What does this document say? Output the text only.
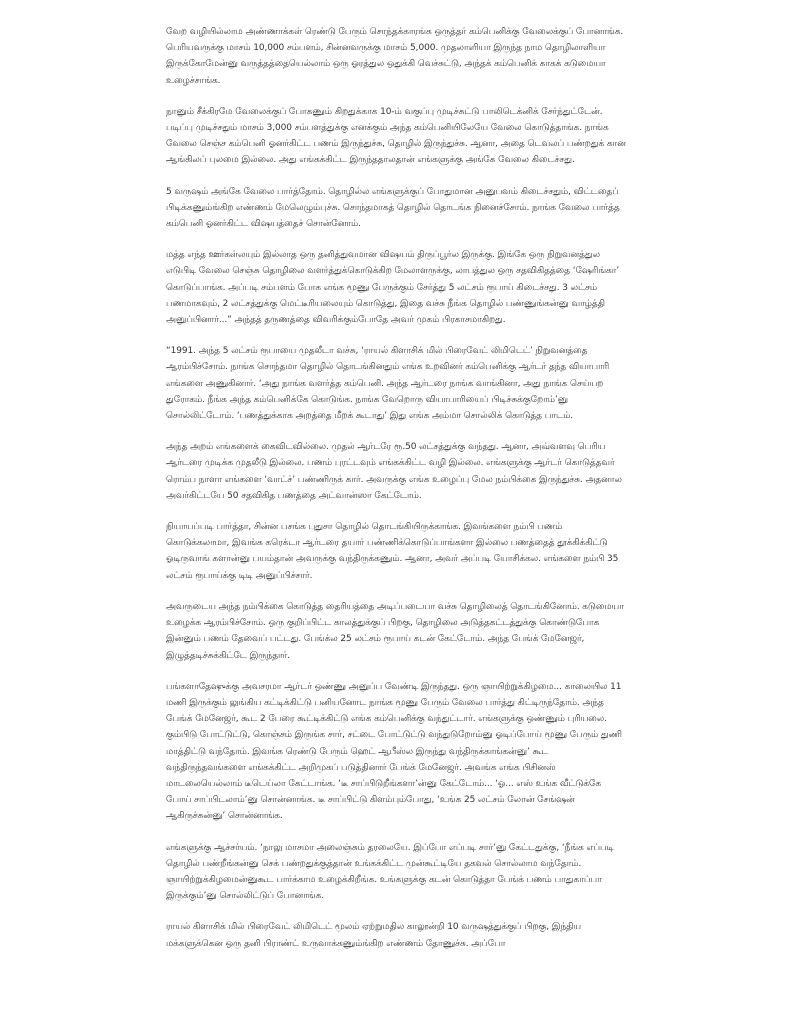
வேற வழியில்லாம அண்ணாக்கள் ரெண்டு பேரும் சொந்தக்காரங்க ஒருத்தர் கம்பெனிக்கு வேலைக்குப் போனாங்க. பெரியவருக்கு மாசம் 10,000 சம்பளம், சின்னவருக்கு மாசம் 5,000. முதலாளியா இருந்த நாம தொழிலாளியா இருக்கோமேன்னு வருத்தத்தையெல்லாம் ஒரு ஓரத்துல ஒதுக்கி வெச்சுட்டு, அந்தக் கம்பெனிக் காகக் கடுமையா உழைச்சாங்க.

நானும் சீக்கிரமே வேலைக்குப் போகணும் கிறதுக்காக 10-ம் வகுப்பு முடிச்சுட்டு பாலிடெக்னிக் சேர்ந்துட்டேன். படிப்பு முடிச்சதும் மாசம் 3,000 சம்பளத்துக்கு எனக்கும் அந்த கம்பெனியிலேயே வேலை கொடுத்தாங்க. நாங்க வேலை செஞ்ச கம்பெனி ஓனர்கிட்ட பணம் இருந்துச்சு, தொழில் இருந்துச்சு. ஆனா, அதை டெவலப் பண்றதுக் கான ஆங்கிலப் புலமை இல்லை. அது எங்கக்கிட்ட இருந்ததாலதான் எங்களுக்கு அங்கே வேலை கிடைச்சது.

5 வருஷம் அங்கே வேலை பார்த்தோம். தொழில்ல எங்களுக்குப் போதுமான அனுபவம் கிடைச்சதும், விட்டதைப் பிடிக்கணும்ங்கிற எண்ணம் மேலெழும்புச்சு. சொந்தமாகத் தொழில் தொடங்க நினைச்சோம். நாங்க வேலை பார்த்த கம்பெனி ஓனர்கிட்ட விஷயத்தைச் சொன்னோம்.

மத்த எந்த ஊர்கள்லயும் இல்லாத ஒரு தனித்துவமான விஷயம் திருப்பூர்ல இருக்கு. இங்கே ஒரு நிறுவனத்துல எடுபிடி வேலை செஞ்சு தொழிலை வளர்த்துக்கொடுக்கிற மேலாளருக்கு, லாபத்துல ஒரு சதவிகிதத்தை ‘ஷேரிங்கா’ கொடுப்பாங்க. அப்படி சம்பளம் போக எங்க மூணு பேருக்கும் சேர்த்து 5 லட்சம் ரூபாய் கிடைச்சது. 3 லட்சம் பணமாகவும், 2 லட்சத்துக்கு மெட்டீரியலையும் கொடுத்து, இதை வச்சு நீங்க தொழில் பண்ணுங்கன்னு வாழ்த்தி அனுப்பினார்...” அந்தத் தருணத்தை விவரிக்கும்போதே அவர் முகம் பிரகாசமாகிறது.

“1991. அந்த 5 லட்சம் ரூபாயை முதலீடா வச்சு, ‘ராயல் கிளாசிக் மில் பிரைவேட் லிமிடெட்’ நிறுவனத்தை ஆரம்பிச்சோம். நாங்க சொந்தமா தொழில் தொடங்கினதும் எங்க உறவினர் கம்பெனிக்கு ஆர்டர் தந்த வியாபாரி எங்களை அணுகினார். ‘அது நாங்க வளர்த்த கம்பெனி. அந்த ஆர்டரை நாங்க வாங்கினா, அது நாங்க செய்யற துரோகம். நீங்க அந்த கம்பெனிக்கே கொடுங்க. நாங்க வேறொரு வியாபாரியைப் பிடிச்சுக்குறோம்’னு சொல்லிட்டோம். ‘பணத்துக்காக அறத்தை மீறக் கூடாது’ இது எங்க அம்மா சொல்லிக் கொடுத்த பாடம்.

அந்த அறம் எங்களைக் கைவிடவில்லை. முதல் ஆர்டரே ரூ.50 லட்சத்துக்கு வந்தது. ஆனா, அவ்வளவு பெரிய ஆர்டரை முடிக்க முதலீடு இல்லை. பணம் புரட்டவும் எங்கக்கிட்ட வழி இல்லை. எங்களுக்கு ஆர்டர் கொடுத்தவர் ரொம்ப நாளா எங்களை ‘வாட்ச்’ பண்ணிருக் கார். அவருக்கு எங்க உழைப்பு மேல நம்பிக்கை இருந்துச்சு. அதனால அவர்கிட்டயே 50 சதவிகித பணத்தை அட்வான்ஸா கேட்டோம்.

நியாயப்படி பார்த்தா, சின்ன பசங்க புதுசா தொழில் தொடங்கியிருக்காங்க. இவங்களை நம்பி பணம் கொடுக்கலாமா, இவங்க கரெக்டா ஆர்டரை தயார் பண்ணிக்கொடுப்பாங்களா இல்லை பணத்தைத் தூக்கிக்கிட்டு ஓடிருவாங் களான்னு பயம்தான் அவருக்கு வந்திருக்கணும். ஆனா, அவர் அப்படி யோசிக்கல. எங்களை நம்பி 35 லட்சம் ரூபாய்க்கு டிடி அனுப்பிச்சார்.

அவருடைய அந்த நம்பிக்கை கொடுத்த தைரியத்தை அடிப்படையா வச்சு தொழிலைத் தொடங்கினோம். கடுமையா உழைக்க ஆரம்பிச்சோம். ஒரு குறிப்பிட்ட காலத்துக்குப் பிறகு, தொழிலை அடுத்தகட்டத்துக்கு கொண்டுபோக இன்னும் பணம் தேவைப் பட்டது. பேங்க்ல 25 லட்சம் ரூபாய் கடன் கேட்டோம். அந்த பேங்க் மேனேஜர், இழுத்தடிச்சுக்கிட்டே இருந்தார்.

பங்களாதேஷுக்கு அவசரமா ஆர்டர் ஒண்ணு அனுப்ப வேண்டி இருந்தது. ஒரு ஞாயிற்றுக்கிழமை... காலையில 11 மணி இருக்கும் லுங்கிய கட்டிக்கிட்டு பனியனோட நாங்க மூணு பேரும் வேலை பார்த்து கிட்டிருந்தோம். அந்த பேங்க் மேனேஜர், கூட 2 பேரை கூட்டிக்கிட்டு எங்க கம்பெனிக்கு வந்துட்டார். எங்களுக்கு ஒண்ணும் புரியலை. கும்பிடு போட்டுட்டு, கொஞ்சம் இருங்க சார், சட்டை போட்டுட்டு வந்துடுறோம்னு ஓடிப்போய் மூணு பேரும் துணி மாத்திட்டு வந்தோம். இவங்க ரெண்டு பேரும் ஹெட் ஆபீஸ்ல இருந்து வந்திருக்காங்கன்னு’ கூட வந்திருந்தவங்களை எங்கக்கிட்ட அறிமுகப் படுத்தினார் பேங்க் மேனேஜர். அவங்க எங்க பிசினஸ் மாடலையெல்லாம் டீடெய்லா கேட்டாங்க. ‘டீ சாப்பிடுறீங்களா’ன்னு கேட்டோம்... ‘ஓ... எஸ் உங்க வீட்டுக்கே போய் சாப்பிடலாம்’னு சொன்னாங்க. டீ சாப்பிட்டு கிளம்பும்போது, ‘உங்க 25 லட்சம் லோன் சேங்ஷன் ஆகிருச்சுன்னு’ சொன்னாங்க.

எங்களுக்கு ஆச்சர்யம். ‘நாலு மாசமா அலைஞ்சும் தரலையே. இப்போ எப்படி சார்’னு கேட்டதுக்கு, ‘நீங்க எப்படி தொழில் பண்றீங்கன்னு செக் பண்றதுக்குத்தான் உங்கக்கிட்ட முன்கூட்டியே தகவல் சொல்லாம வந்தோம். ஞாயிற்றுக்கிழமைன்னுகூட பார்க்காம உழைக்கிறீங்க. உங்களுக்கு கடன் கொடுத்தா பேங்க் பணம் பாதுகாப்பா இருக்கும்’னு சொல்லிட்டுப் போனாங்க.

ராயல் கிளாசிக் மில் பிரைவேட் லிமிடெட் மூலம் ஏற்றுமதில காலூன்றி 10 வருஷத்துக்குப் பிறகு, இந்திய மக்களுக்கென ஒரு தனி பிராண்ட் உருவாக்கணும்ங்கிற எண்ணம் தோணுச்சு. அப்போ
